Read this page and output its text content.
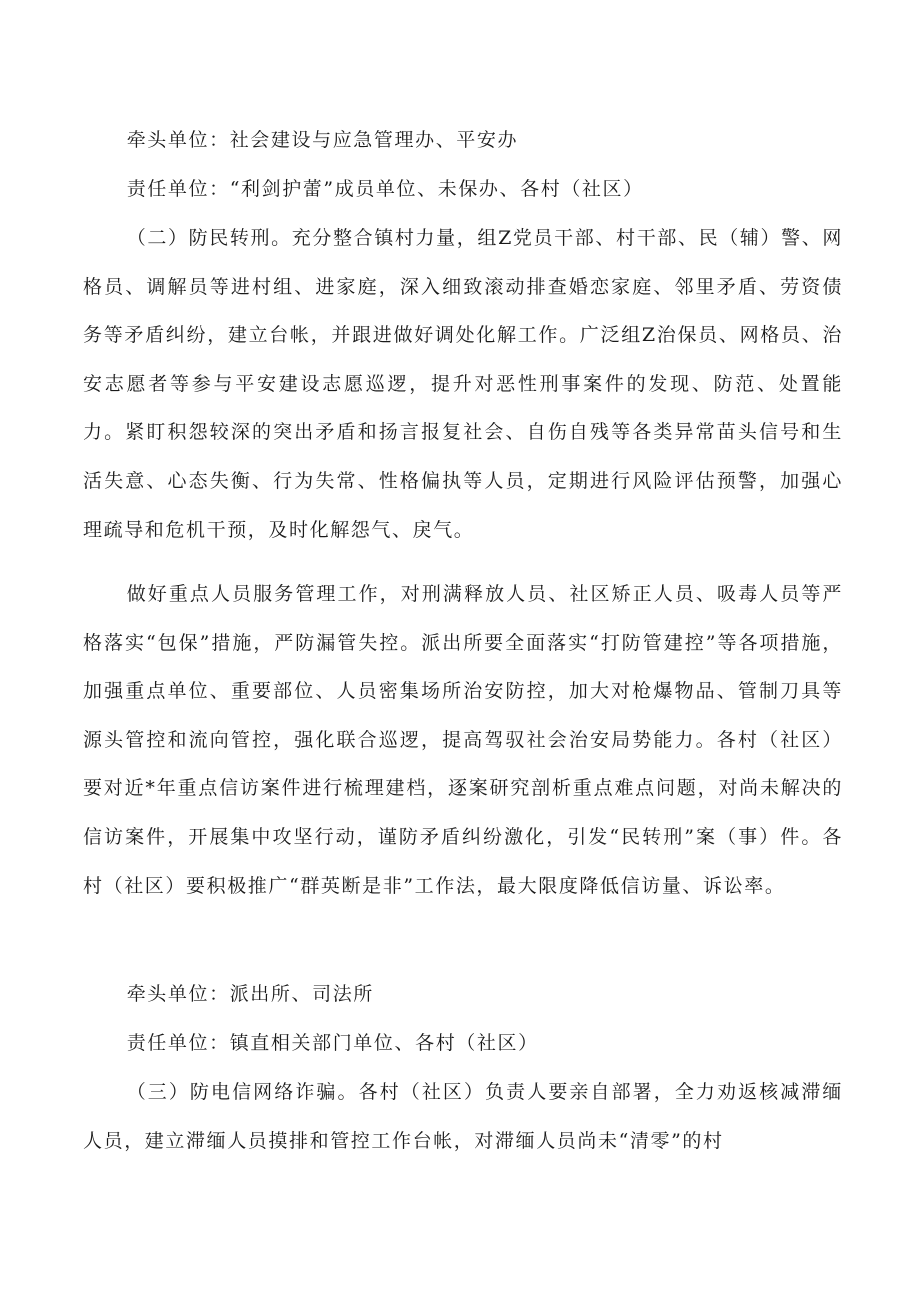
牵头单位：社会建设与应急管理办、平安办

责任单位：“利剑护蕾”成员单位、未保办、各村（社区）

（二）防民转刑。充分整合镇村力量，组Z党员干部、村干部、民（辅）警、网格员、调解员等进村组、进家庭，深入细致滚动排查婚恋家庭、邻里矛盾、劳资债务等矛盾纠纷，建立台帐，并跟进做好调处化解工作。广泛组Z治保员、网格员、治安志愿者等参与平安建设志愿巡逻，提升对恶性刑事案件的发现、防范、处置能力。紧盯积怨较深的突出矛盾和扬言报复社会、自伤自残等各类异常苗头信号和生活失意、心态失衡、行为失常、性格偏执等人员，定期进行风险评估预警，加强心理疏导和危机干预，及时化解怨气、戾气。

做好重点人员服务管理工作，对刑满释放人员、社区矫正人员、吸毒人员等严格落实“包保”措施，严防漏管失控。派出所要全面落实“打防管建控”等各项措施，加强重点单位、重要部位、人员密集场所治安防控，加大对枪爆物品、管制刀具等源头管控和流向管控，强化联合巡逻，提高驾驭社会治安局势能力。各村（社区）要对近*年重点信访案件进行梳理建档，逐案研究剖析重点难点问题，对尚未解决的信访案件，开展集中攻坚行动，谨防矛盾纠纷激化，引发“民转刑”案（事）件。各村（社区）要积极推广“群英断是非”工作法，最大限度降低信访量、诉讼率。

牵头单位：派出所、司法所

责任单位：镇直相关部门单位、各村（社区）

（三）防电信网络诈骗。各村（社区）负责人要亲自部署，全力劝返核减滞缅人员，建立滞缅人员摸排和管控工作台帐，对滞缅人员尚未“清零”的村
